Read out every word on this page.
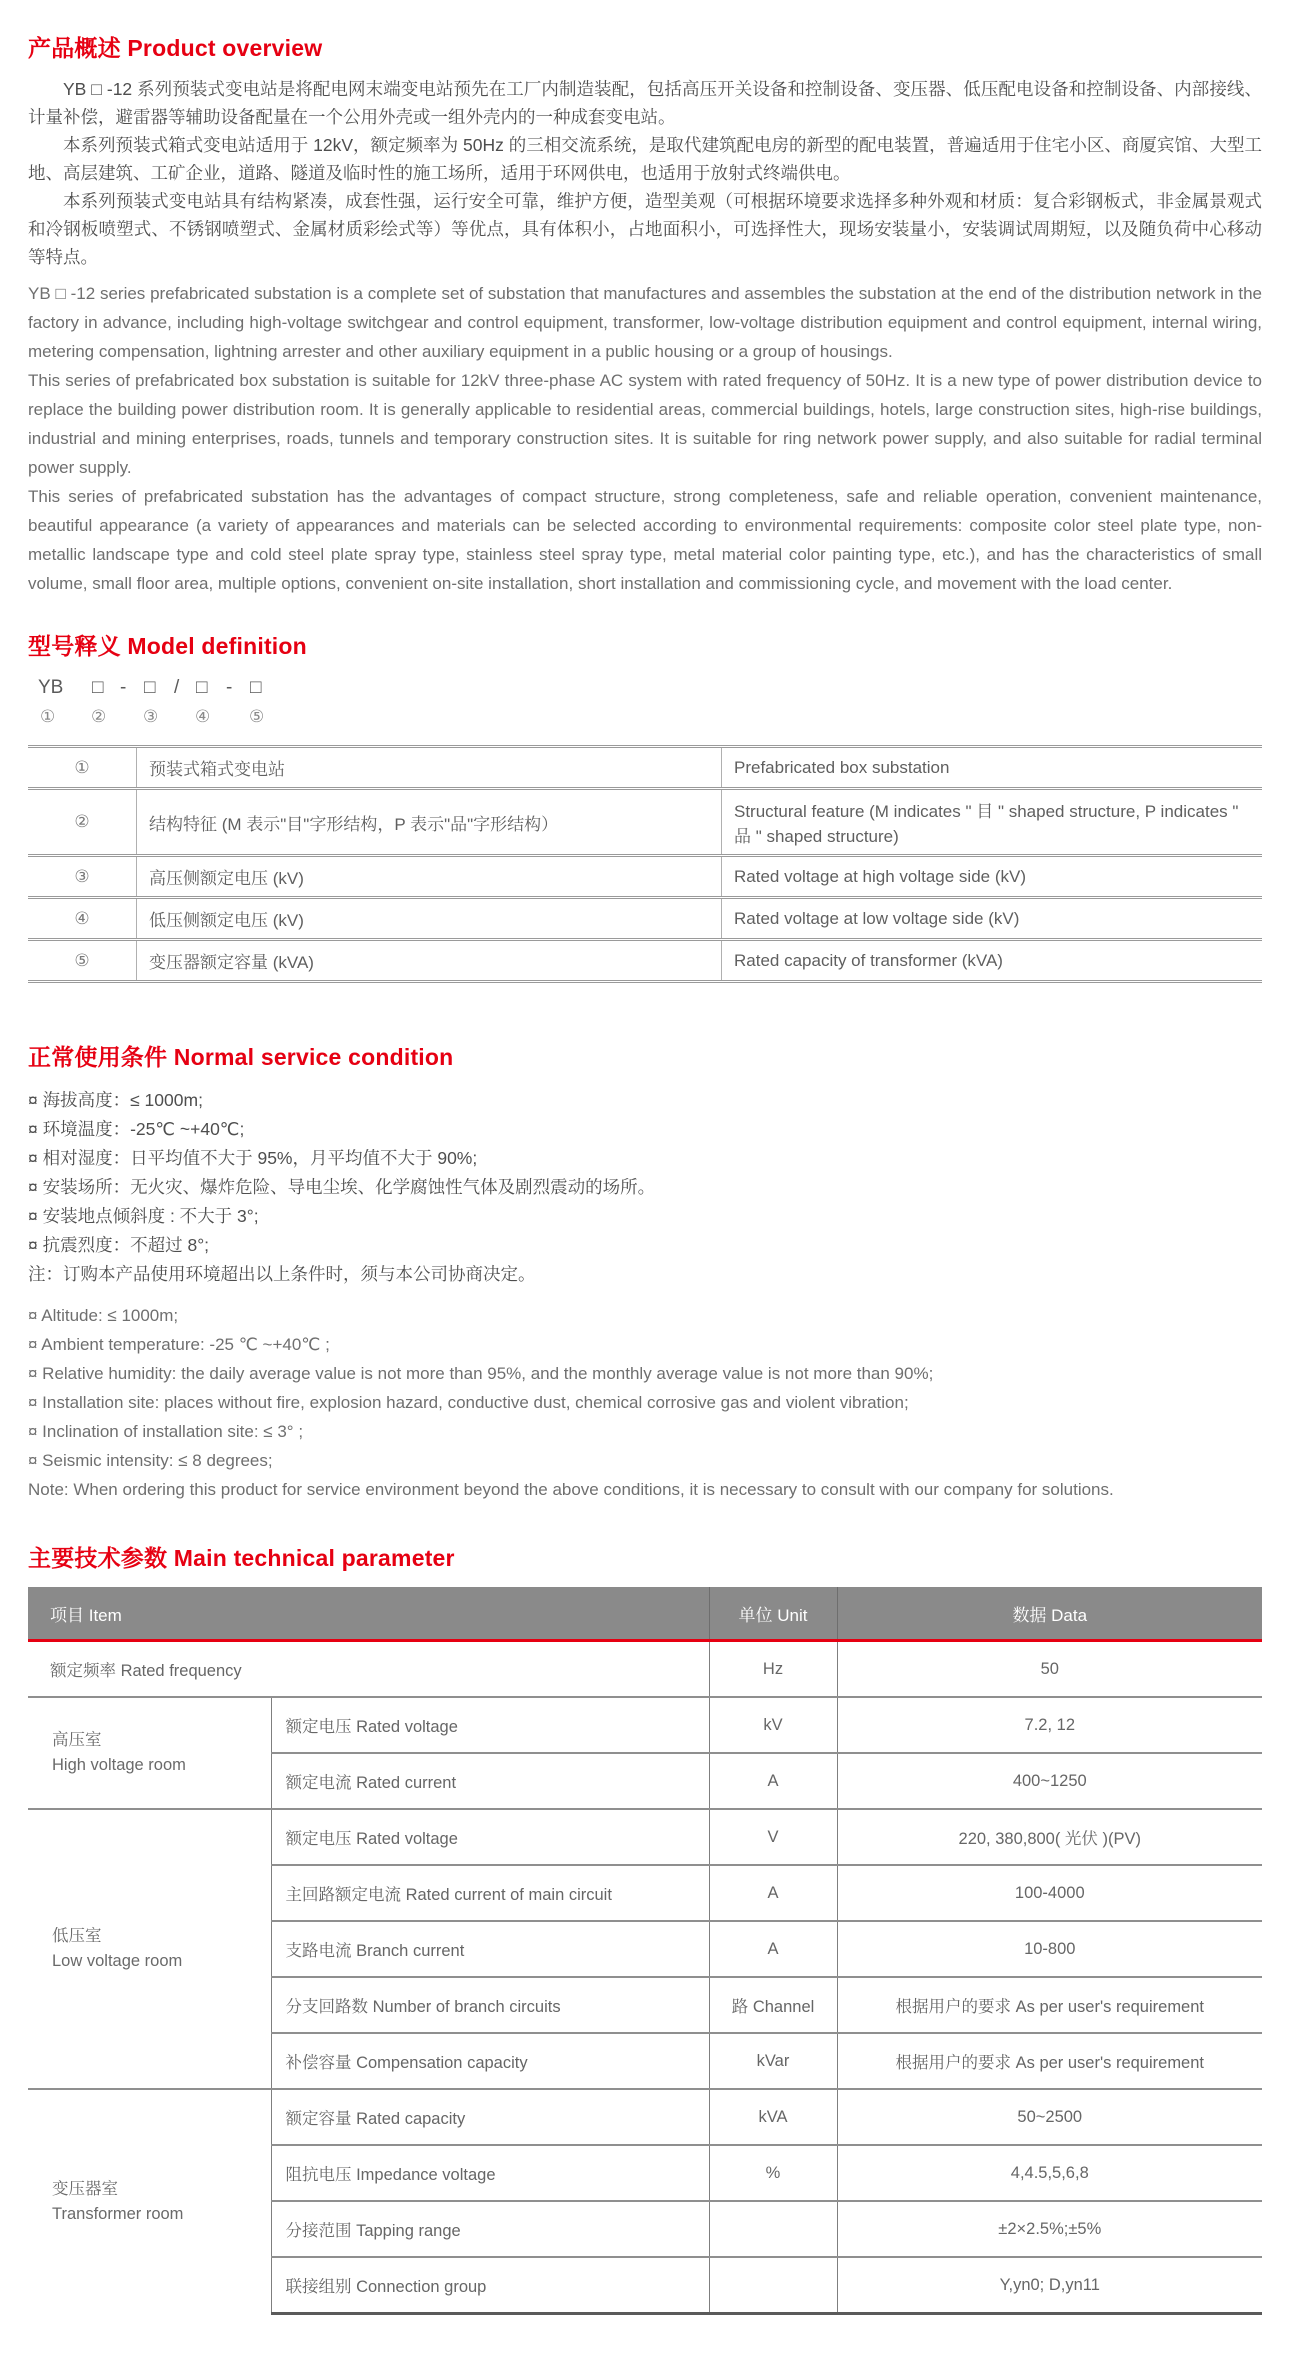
产品概述 Product overview

YB □ -12 系列预装式变电站是将配电网末端变电站预先在工厂内制造装配，包括高压开关设备和控制设备、变压器、低压配电设备和控制设备、内部接线、计量补偿，避雷器等辅助设备配量在一个公用外壳或一组外壳内的一种成套变电站。

本系列预装式箱式变电站适用于 12kV，额定频率为 50Hz 的三相交流系统，是取代建筑配电房的新型的配电装置，普遍适用于住宅小区、商厦宾馆、大型工地、高层建筑、工矿企业，道路、隧道及临时性的施工场所，适用于环网供电，也适用于放射式终端供电。

本系列预装式变电站具有结构紧凑，成套性强，运行安全可靠，维护方便，造型美观（可根据环境要求选择多种外观和材质：复合彩钢板式，非金属景观式和冷钢板喷塑式、不锈钢喷塑式、金属材质彩绘式等）等优点，具有体积小，占地面积小，可选择性大，现场安装量小，安装调试周期短，以及随负荷中心移动等特点。

YB □ -12 series prefabricated substation is a complete set of substation that manufactures and assembles the substation at the end of the distribution network in the factory in advance, including high-voltage switchgear and control equipment, transformer, low-voltage distribution equipment and control equipment, internal wiring, metering compensation, lightning arrester and other auxiliary equipment in a public housing or a group of housings.

This series of prefabricated box substation is suitable for 12kV three-phase AC system with rated frequency of 50Hz. It is a new type of power distribution device to replace the building power distribution room. It is generally applicable to residential areas, commercial buildings, hotels, large construction sites, high-rise buildings, industrial and mining enterprises, roads, tunnels and temporary construction sites. It is suitable for ring network power supply, and also suitable for radial terminal power supply.

This series of prefabricated substation has the advantages of compact structure, strong completeness, safe and reliable operation, convenient maintenance, beautiful appearance (a variety of appearances and materials can be selected according to environmental requirements: composite color steel plate type, non-metallic landscape type and cold steel plate spray type, stainless steel spray type, metal material color painting type, etc.), and has the characteristics of small volume, small floor area, multiple options, convenient on-site installation, short installation and commissioning cycle, and movement with the load center.

型号释义 Model definition
YB □ - □ / □ - □
① ② ③ ④ ⑤
①	预装式箱式变电站	Prefabricated box substation
②	结构特征 (M 表示"目"字形结构，P 表示"品"字形结构）	Structural feature (M indicates " 目 " shaped structure, P indicates " 品 " shaped structure)
③	高压侧额定电压 (kV)	Rated voltage at high voltage side (kV)
④	低压侧额定电压 (kV)	Rated voltage at low voltage side (kV)
⑤	变压器额定容量 (kVA)	Rated capacity of transformer (kVA)
正常使用条件 Normal service condition
¤ 海拔高度：≤ 1000m;
¤ 环境温度：-25℃ ~+40℃;
¤ 相对湿度：日平均值不大于 95%，月平均值不大于 90%;
¤ 安装场所：无火灾、爆炸危险、导电尘埃、化学腐蚀性气体及剧烈震动的场所。
¤ 安装地点倾斜度 : 不大于 3°;
¤ 抗震烈度：不超过 8°;
注：订购本产品使用环境超出以上条件时，须与本公司协商决定。
¤ Altitude: ≤ 1000m;
¤ Ambient temperature: -25 ℃ ~+40℃ ;
¤ Relative humidity: the daily average value is not more than 95%, and the monthly average value is not more than 90%;
¤ Installation site: places without fire, explosion hazard, conductive dust, chemical corrosive gas and violent vibration;
¤ Inclination of installation site: ≤ 3° ;
¤ Seismic intensity: ≤ 8 degrees;
Note: When ordering this product for service environment beyond the above conditions, it is necessary to consult with our company for solutions.
主要技术参数 Main technical parameter
项目 Item		单位 Unit	数据 Data
额定频率 Rated frequency		Hz	50

高压室
High voltage room	额定电压 Rated voltage	kV	7.2, 12
	额定电流 Rated current	A	400~1250

低压室
Low voltage room	额定电压 Rated voltage	V	220, 380,800( 光伏 )(PV)
	主回路额定电流 Rated current of main circuit	A	100-4000
	支路电流 Branch current	A	10-800
	分支回路数 Number of branch circuits	路 Channel	根据用户的要求 As per user's requirement
	补偿容量 Compensation capacity	kVar	根据用户的要求 As per user's requirement

变压器室
Transformer room	额定容量 Rated capacity	kVA	50~2500
	阻抗电压 Impedance voltage	%	4,4.5,5,6,8
	分接范围 Tapping range		±2×2.5%;±5%
	联接组别 Connection group		Y,yn0; D,yn11
